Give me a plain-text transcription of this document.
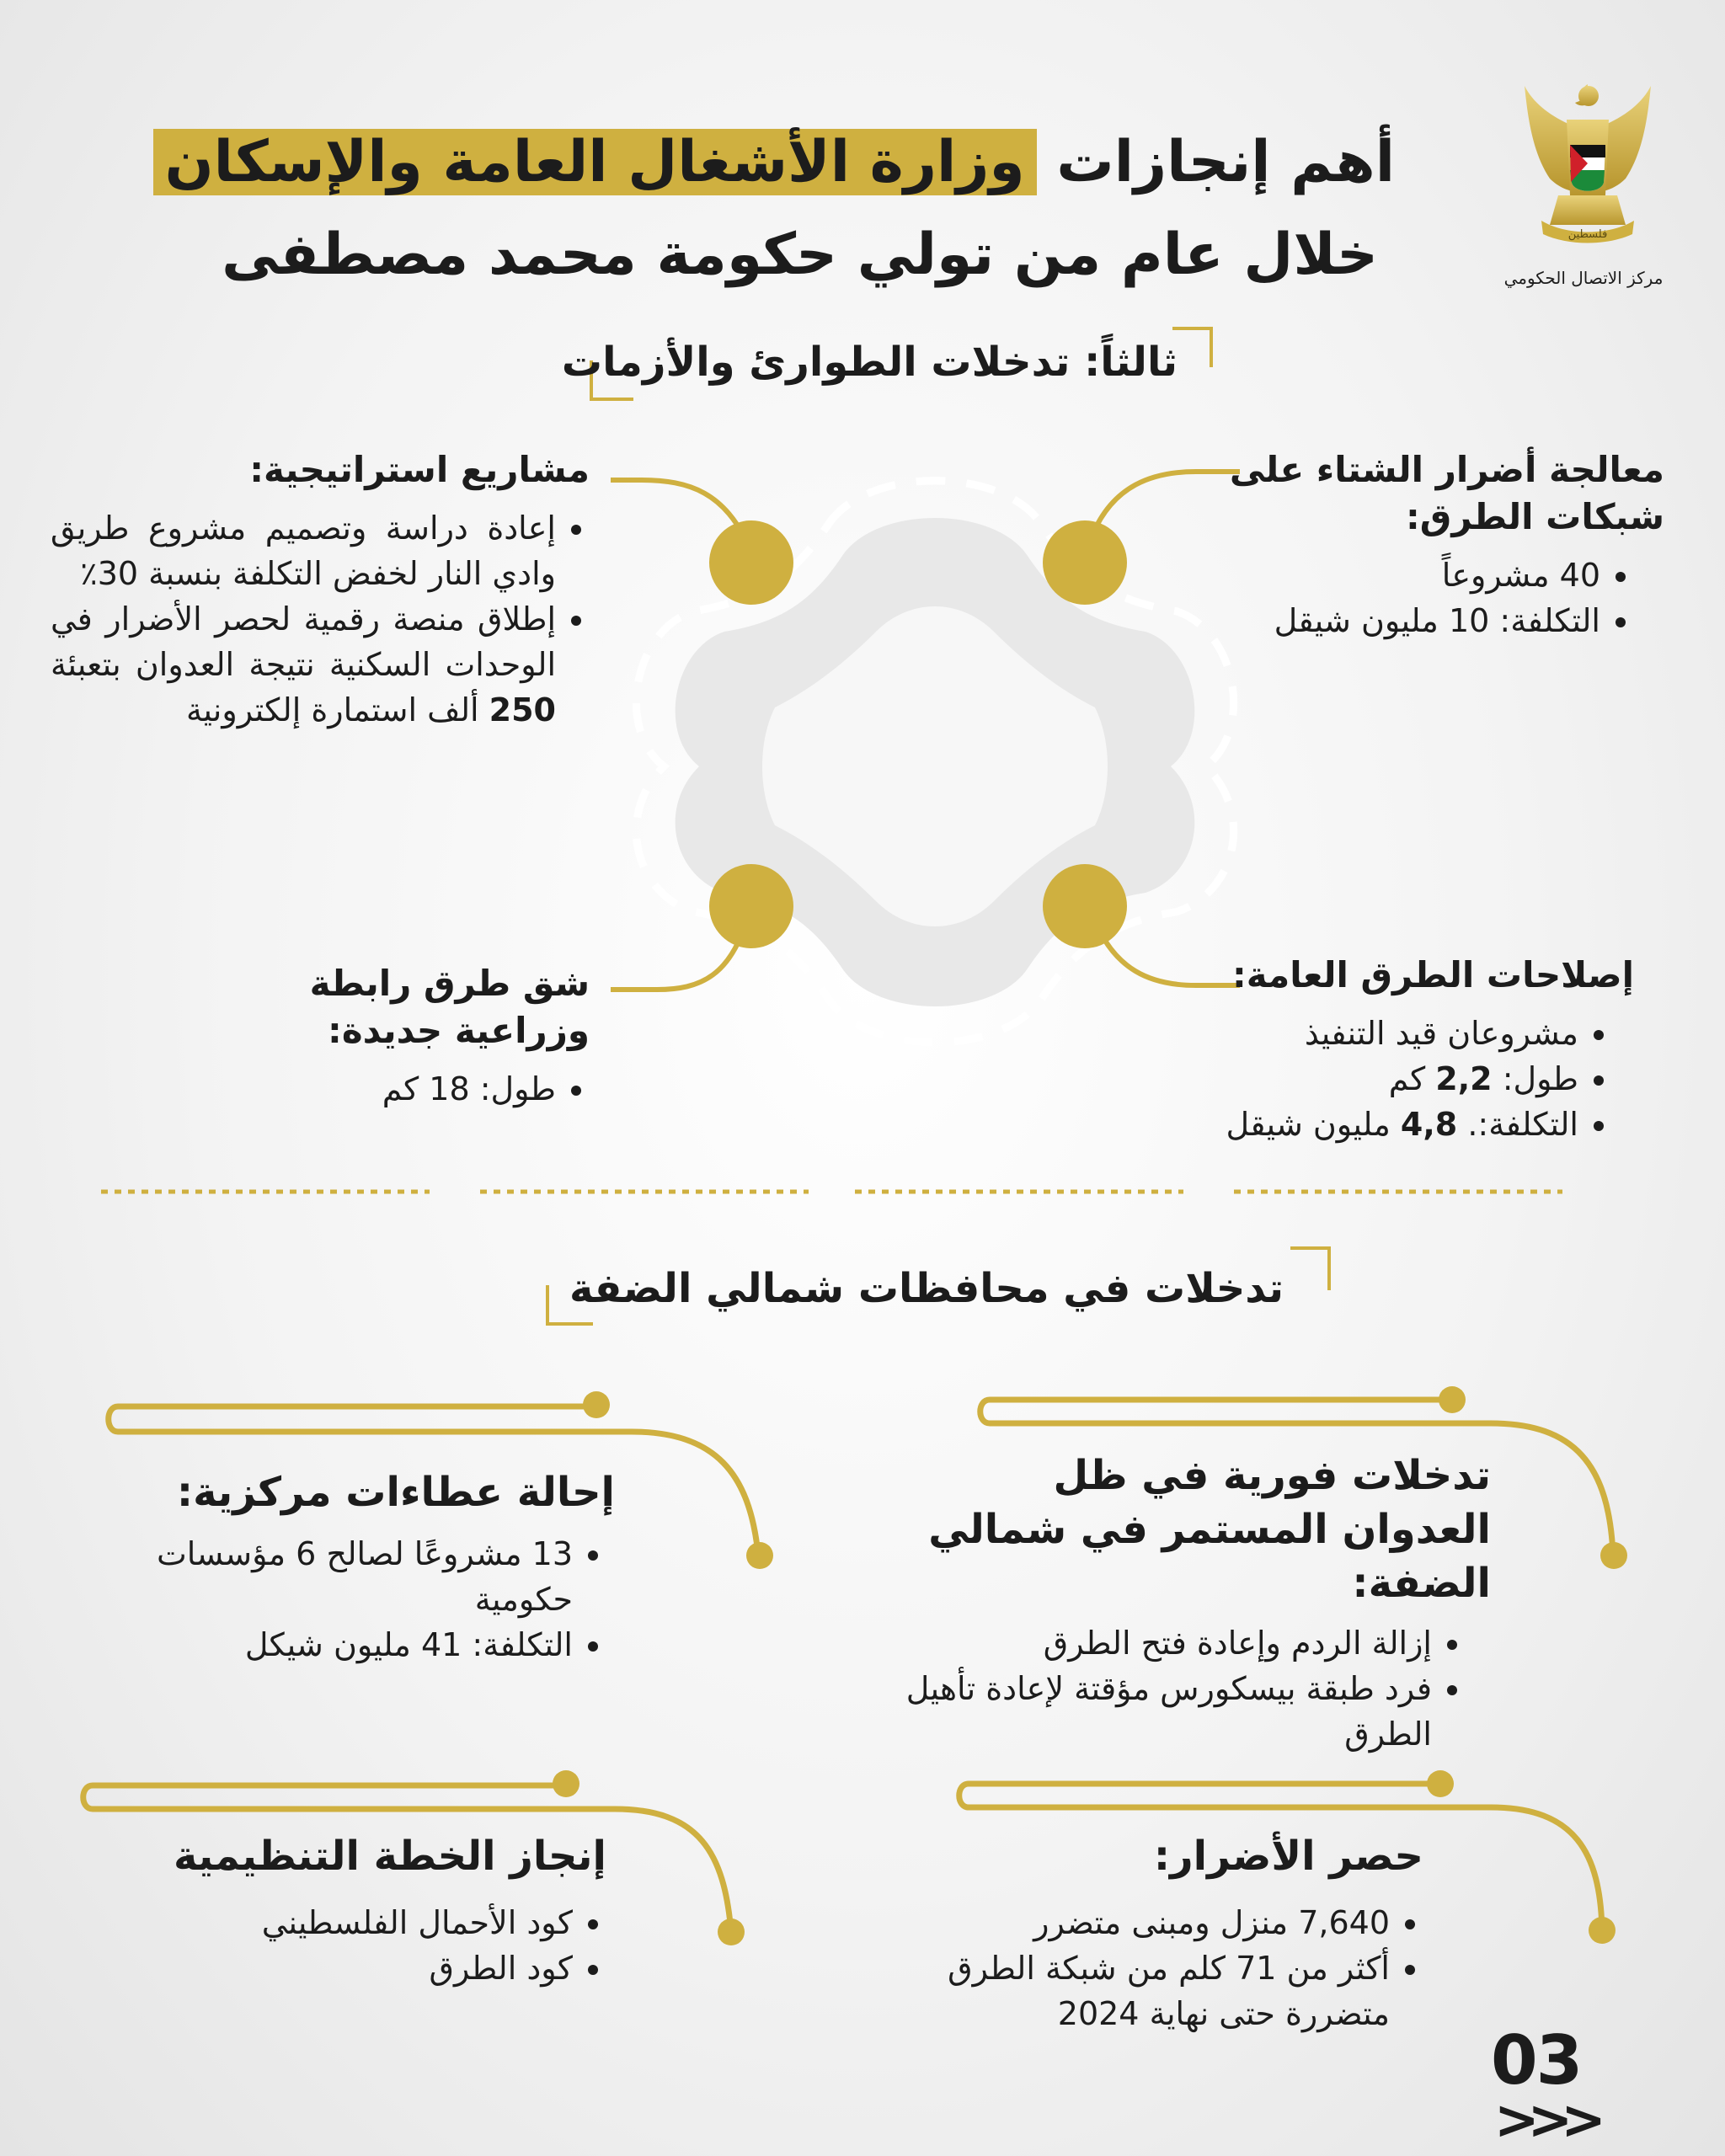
أهم إنجازات وزارة الأشغال العامة والإسكان
خلال عام من تولي حكومة محمد مصطفى	فلسطين
مركز الاتصال الحكومي
ثالثاً: تدخلات الطوارئ والأزمات
معالجة أضرار الشتاء على شبكات الطرق:
• 40 مشروعاً
• التكلفة: 10 مليون شيقل
مشاريع استراتيجية:
• إعادة دراسة وتصميم مشروع طريق وادي النار لخفض التكلفة بنسبة 30٪
• إطلاق منصة رقمية لحصر الأضرار في الوحدات السكنية نتيجة العدوان بتعبئة 250 ألف استمارة إلكترونية
إصلاحات الطرق العامة:
• مشروعان قيد التنفيذ
• طول: 2,2 كم
• التكلفة:. 4,8 مليون شيقل
شق طرق رابطة وزراعية جديدة:
• طول: 18 كم
تدخلات في محافظات شمالي الضفة
تدخلات فورية في ظل العدوان المستمر في شمالي الضفة:
• إزالة الردم وإعادة فتح الطرق
• فرد طبقة بيسكورس مؤقتة لإعادة تأهيل الطرق
إحالة عطاءات مركزية:
• 13 مشروعًا لصالح 6 مؤسسات حكومية
• التكلفة: 41 مليون شيكل
حصر الأضرار:
• 7,640 منزل ومبنى متضرر
• أكثر من 71 كلم من شبكة الطرق متضررة حتى نهاية 2024
إنجاز الخطة التنظيمية
• كود الأحمال الفلسطيني
• كود الطرق
03
>>>
